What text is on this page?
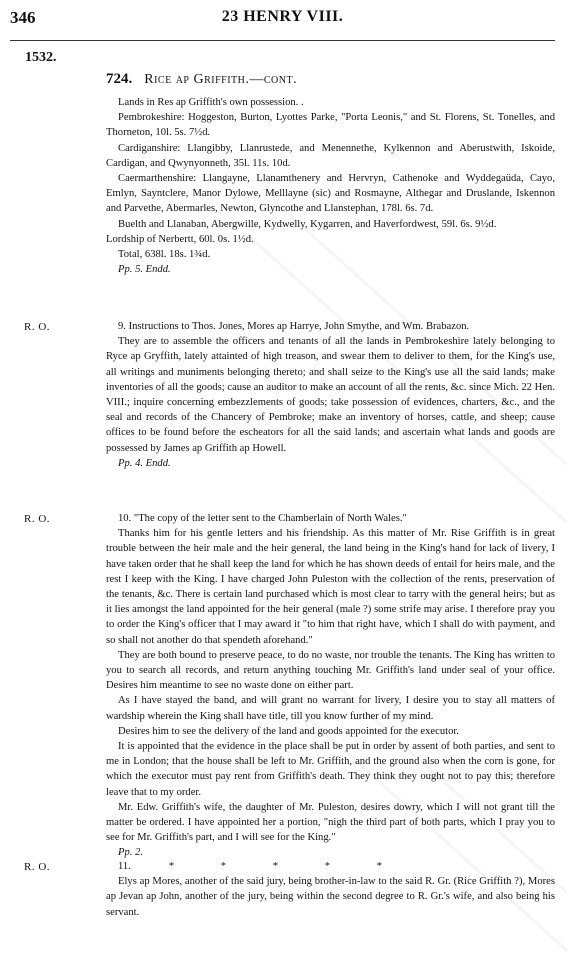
346	23 HENRY VIII.
1532.
724. Rice ap Griffith.—cont.

Lands in Res ap Griffith's own possession. .

Pembrokeshire: Hoggeston, Burton, Lyottes Parke, "Porta Leonis," and St. Florens, St. Tonelles, and Thorneton, 10l. 5s. 7½d.

Cardiganshire: Llangibby, Llanrustede, and Menennethe, Kylkennon and Aberustwith, Iskoide, Cardigan, and Qwynyonneth, 35l. 11s. 10d.

Caermarthenshire: Llangayne, Llanamthenery and Hervryn, Cathenoke and Wyddegaüda, Cayo, Emlyn, Sayntclere, Manor Dylowe, Melllayne (sic) and Rosmayne, Althegar and Druslande, Iskennon and Parvethe, Abermarles, Newton, Glyncothe and Llanstephan, 178l. 6s. 7d.

Buelth and Llanaban, Abergwille, Kydwelly, Kygarren, and Haverfordwest, 59l. 6s. 9½d.

Lordship of Nerbertt, 60l. 0s. 1½d.

Total, 638l. 18s. 1¾d.

Pp. 5. Endd.

R. O.	9. Instructions to Thos. Jones, Mores ap Harrye, John Smythe, and Wm. Brabazon.

They are to assemble the officers and tenants of all the lands in Pembrokeshire lately belonging to Ryce ap Gryffith, lately attainted of high treason, and swear them to deliver to them, for the King's use, all writings and muniments belonging thereto; and shall seize to the King's use all the said lands; make inventories of all the goods; cause an auditor to make an account of all the rents, &c. since Mich. 22 Hen. VIII.; inquire concerning embezzlements of goods; take possession of evidences, charters, &c., and the seal and records of the Chancery of Pembroke; make an inventory of horses, cattle, and sheep; cause offices to be found before the escheators for all the said lands; and ascertain what lands and goods are possessed by James ap Griffith ap Howell.

Pp. 4. Endd.

R. O.	10. "The copy of the letter sent to the Chamberlain of North Wales."

Thanks him for his gentle letters and his friendship. As this matter of Mr. Rise Griffith is in great trouble between the heir male and the heir general, the land being in the King's hand for lack of livery, I have taken order that he shall keep the land for which he has shown deeds of entail for heirs male, and the rest I keep with the King. I have charged John Puleston with the collection of the rents, preservation of the tenants, &c. There is certain land purchased which is most clear to tarry with the general heirs; but as it lies amongst the land appointed for the heir general (male ?) some strife may arise. I therefore pray you to order the King's officer that I may award it "to him that right have, which I shall do with payment, and so shall not another do that spendeth aforehand."

They are both bound to preserve peace, to do no waste, nor trouble the tenants. The King has written to you to search all records, and return anything touching Mr. Griffith's land under seal of your office. Desires him meantime to see no waste done on either part.

As I have stayed the band, and will grant no warrant for livery, I desire you to stay all matters of wardship wherein the King shall have title, till you know further of my mind.

Desires him to see the delivery of the land and goods appointed for the executor.

It is appointed that the evidence in the place shall be put in order by assent of both parties, and sent to me in London; that the house shall be left to Mr. Griffith, and the ground also when the corn is gone, for which the executor must pay rent from Griffith's death. They think they ought not to pay this; therefore leave that to my order.

Mr. Edw. Griffith's wife, the daughter of Mr. Puleston, desires dowry, which I will not grant till the matter be ordered. I have appointed her a portion, "nigh the third part of both parts, which I pray you to see for Mr. Griffith's part, and I will see for the King."

Pp. 2.

R. O.	11.	* * * * *

Elys ap Mores, another of the said jury, being brother-in-law to the said R. Gr. (Rice Griffith ?), Mores ap Jevan ap John, another of the jury, being within the second degree to R. Gr.'s wife, and also being his servant.
